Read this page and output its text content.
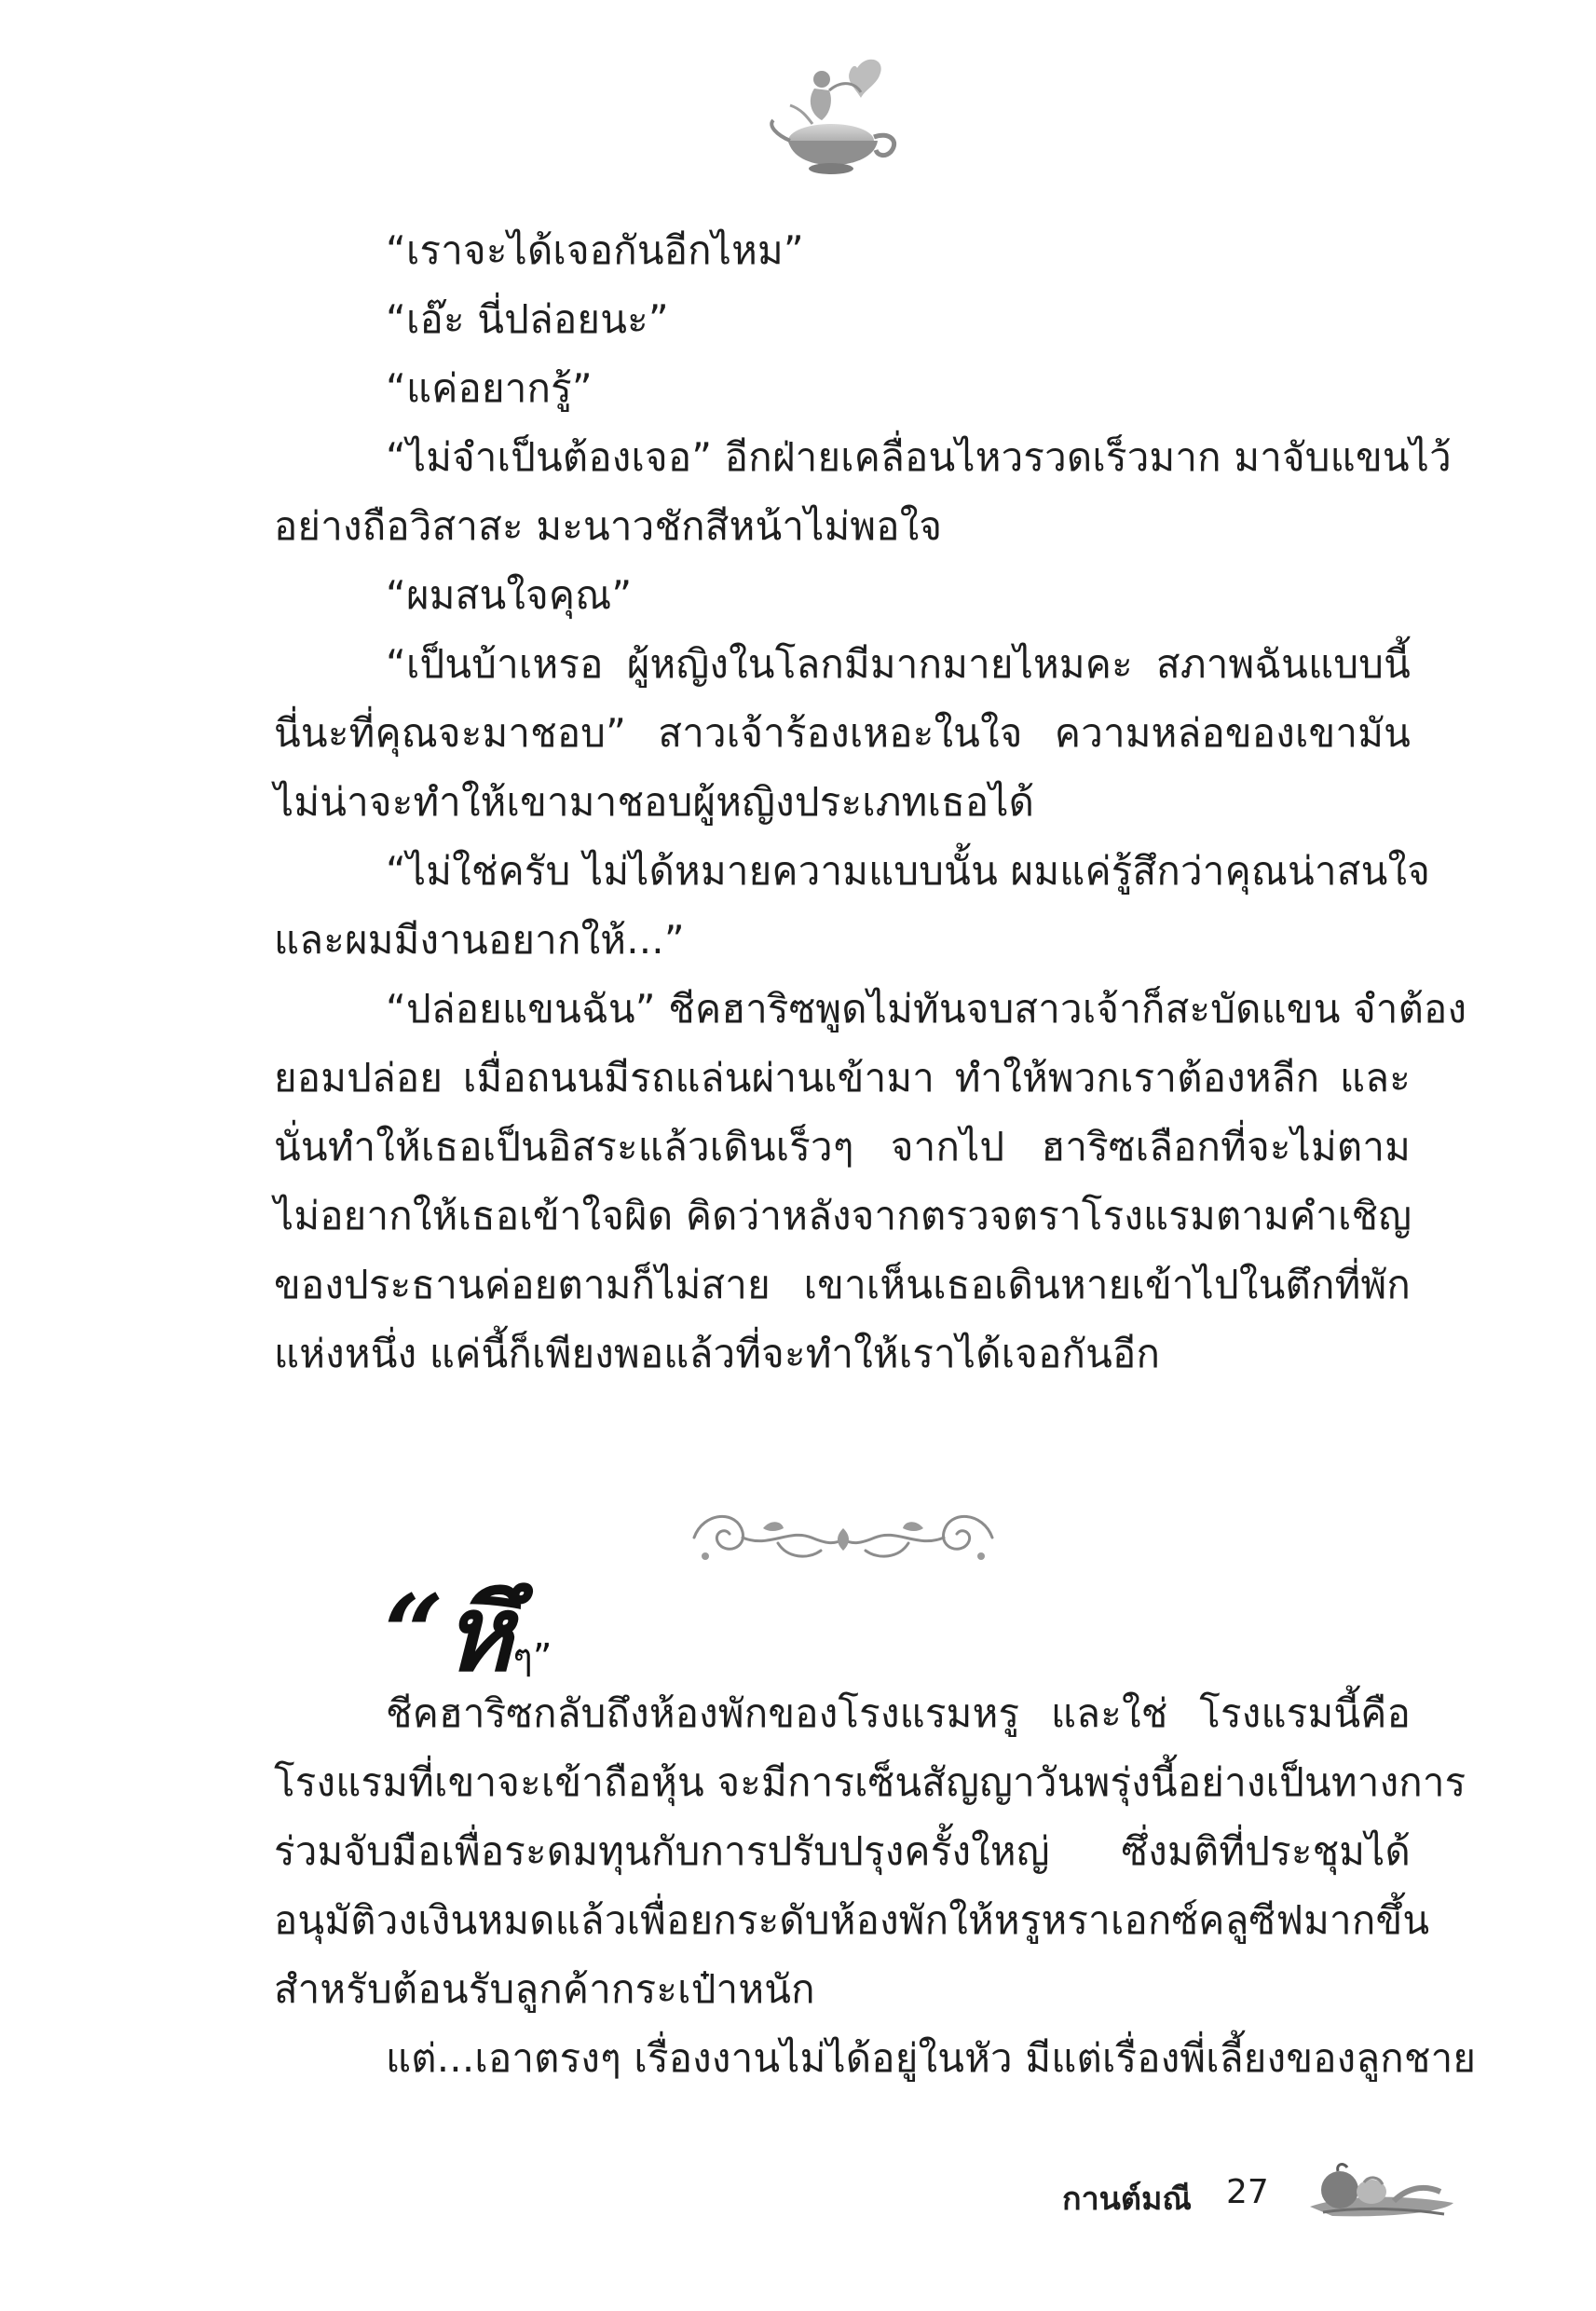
“เราจะได้เจอกันอีกไหม”

“เอ๊ะ นี่ปล่อยนะ”

“แค่อยากรู้”

“ไม่จำเป็นต้องเจอ” อีกฝ่ายเคลื่อนไหวรวดเร็วมาก มาจับแขนไว้

อย่างถือวิสาสะ มะนาวชักสีหน้าไม่พอใจ

“ผมสนใจคุณ”

“เป็นบ้าเหรอ ผู้หญิงในโลกมีมากมายไหมคะ สภาพฉันแบบนี้

นี่นะที่คุณจะมาชอบ” สาวเจ้าร้องเหอะในใจ ความหล่อของเขามัน

ไม่น่าจะทำให้เขามาชอบผู้หญิงประเภทเธอได้

“ไม่ใช่ครับ ไม่ได้หมายความแบบนั้น ผมแค่รู้สึกว่าคุณน่าสนใจ

และผมมีงานอยากให้...”

“ปล่อยแขนฉัน” ชีคฮาริซพูดไม่ทันจบสาวเจ้าก็สะบัดแขน จำต้อง

ยอมปล่อย เมื่อถนนมีรถแล่นผ่านเข้ามา ทำให้พวกเราต้องหลีก และ

นั่นทำให้เธอเป็นอิสระแล้วเดินเร็วๆ จากไป ฮาริซเลือกที่จะไม่ตาม

ไม่อยากให้เธอเข้าใจผิด คิดว่าหลังจากตรวจตราโรงแรมตามคำเชิญ

ของประธานค่อยตามก็ไม่สาย เขาเห็นเธอเดินหายเข้าไปในตึกที่พัก

แห่งหนึ่ง แค่นี้ก็เพียงพอแล้วที่จะทำให้เราได้เจอกันอีก

“หึๆ”

ชีคฮาริซกลับถึงห้องพักของโรงแรมหรู และใช่ โรงแรมนี้คือ

โรงแรมที่เขาจะเข้าถือหุ้น จะมีการเซ็นสัญญาวันพรุ่งนี้อย่างเป็นทางการ

ร่วมจับมือเพื่อระดมทุนกับการปรับปรุงครั้งใหญ่ ซึ่งมติที่ประชุมได้

อนุมัติวงเงินหมดแล้วเพื่อยกระดับห้องพักให้หรูหราเอกซ์คลูซีฟมากขึ้น

สำหรับต้อนรับลูกค้ากระเป๋าหนัก

แต่...เอาตรงๆ เรื่องงานไม่ได้อยู่ในหัว มีแต่เรื่องพี่เลี้ยงของลูกชาย

กานต์มณี 27
